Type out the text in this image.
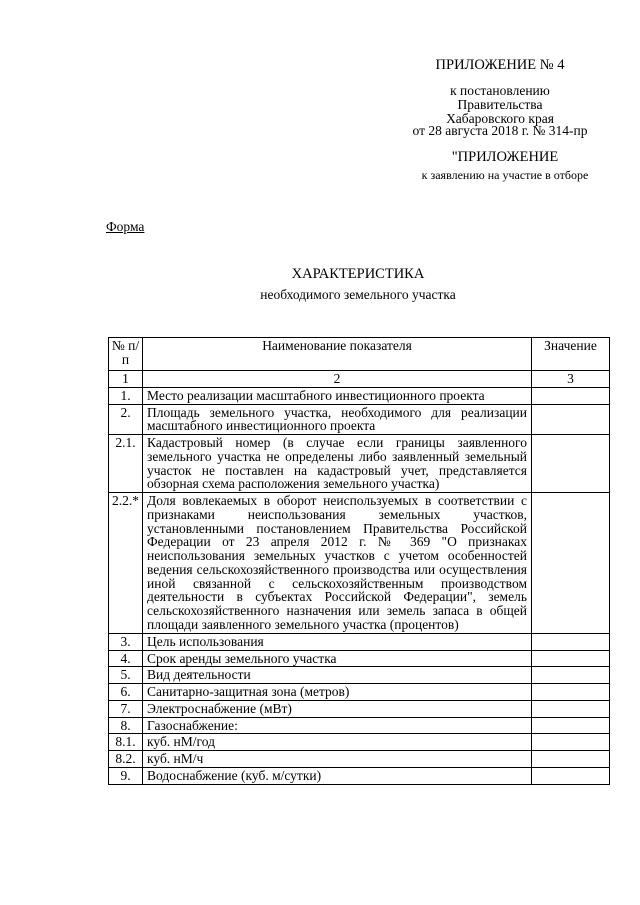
ПРИЛОЖЕНИЕ № 4
к постановлению
Правительства
Хабаровского края
от 28 августа 2018 г. № 314-пр
"ПРИЛОЖЕНИЕ
к заявлению на участие в отборе
Форма
ХАРАКТЕРИСТИКА
необходимого земельного участка
№ п/п	Наименование показателя	Значение
1	2	3
1.	Место реализации масштабного инвестиционного проекта	
2.	Площадь земельного участка, необходимого для реализации масштабного инвестиционного проекта	
2.1.	Кадастровый номер (в случае если границы заявленного земельного участка не определены либо заявленный земельный участок не поставлен на кадастровый учет, представляется обзорная схема расположения земельного участка)	
2.2.*	Доля вовлекаемых в оборот неиспользуемых в соответствии с признаками неиспользования земельных участков, установленными постановлением Правительства Российской Федерации от 23 апреля 2012 г. № 369 "О признаках неиспользования земельных участков с учетом особенностей ведения сельскохозяйственного производства или осуществления иной связанной с сельскохозяйственным производством деятельности в субъектах Российской Федерации", земель сельскохозяйственного назначения или земель запаса в общей площади заявленного земельного участка (процентов)	
3.	Цель использования	
4.	Срок аренды земельного участка	
5.	Вид деятельности	
6.	Санитарно-защитная зона (метров)	
7.	Электроснабжение (мВт)	
8.	Газоснабжение:	
8.1.	куб. нМ/год	
8.2.	куб. нМ/ч	
9.	Водоснабжение (куб. м/сутки)	
